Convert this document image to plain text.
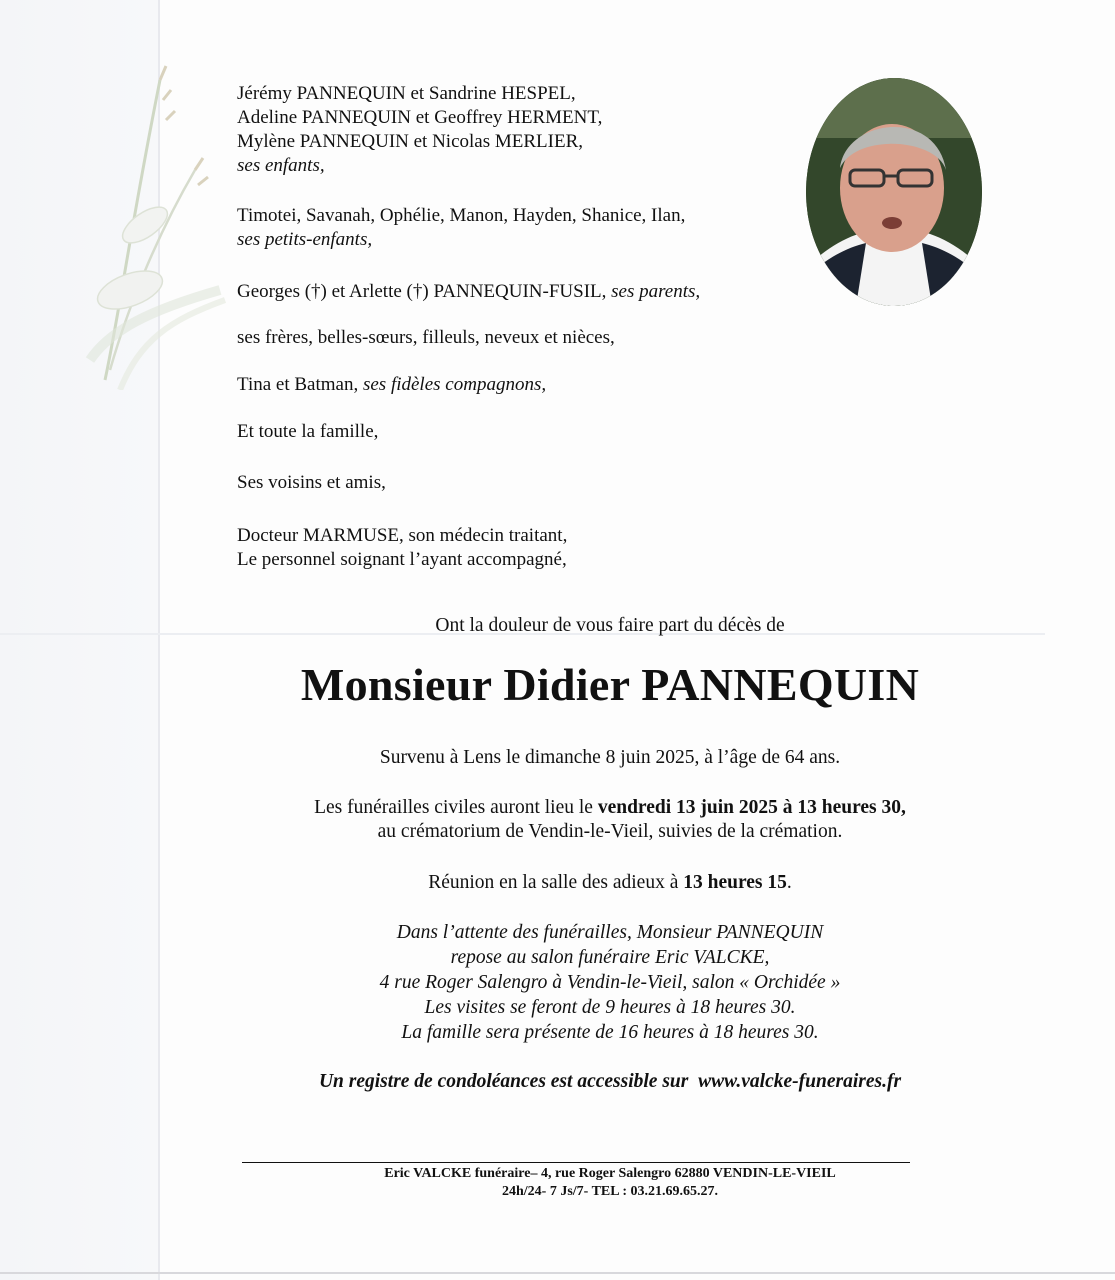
Jérémy PANNEQUIN et Sandrine HESPEL,
Adeline PANNEQUIN et Geoffrey HERMENT,
Mylène PANNEQUIN et Nicolas MERLIER,
ses enfants,
Timotei, Savanah, Ophélie, Manon, Hayden, Shanice, Ilan,
ses petits-enfants,
Georges (†) et Arlette (†) PANNEQUIN-FUSIL, ses parents,
ses frères, belles-sœurs, filleuls, neveux et nièces,
Tina et Batman, ses fidèles compagnons,
Et toute la famille,
Ses voisins et amis,
Docteur MARMUSE, son médecin traitant,
Le personnel soignant l’ayant accompagné,
Ont la douleur de vous faire part du décès de
Monsieur Didier PANNEQUIN
Survenu à Lens le dimanche 8 juin 2025, à l’âge de 64 ans.
Les funérailles civiles auront lieu le vendredi 13 juin 2025 à 13 heures 30,
au crématorium de Vendin-le-Vieil, suivies de la crémation.
Réunion en la salle des adieux à 13 heures 15.
Dans l’attente des funérailles, Monsieur PANNEQUIN
repose au salon funéraire Eric VALCKE,
4 rue Roger Salengro à Vendin-le-Vieil, salon « Orchidée »
Les visites se feront de 9 heures à 18 heures 30.
La famille sera présente de 16 heures à 18 heures 30.
Un registre de condoléances est accessible sur  www.valcke-funeraires.fr
Eric VALCKE funéraire– 4, rue Roger Salengro 62880 VENDIN-LE-VIEIL
24h/24- 7 Js/7- TEL : 03.21.69.65.27.
